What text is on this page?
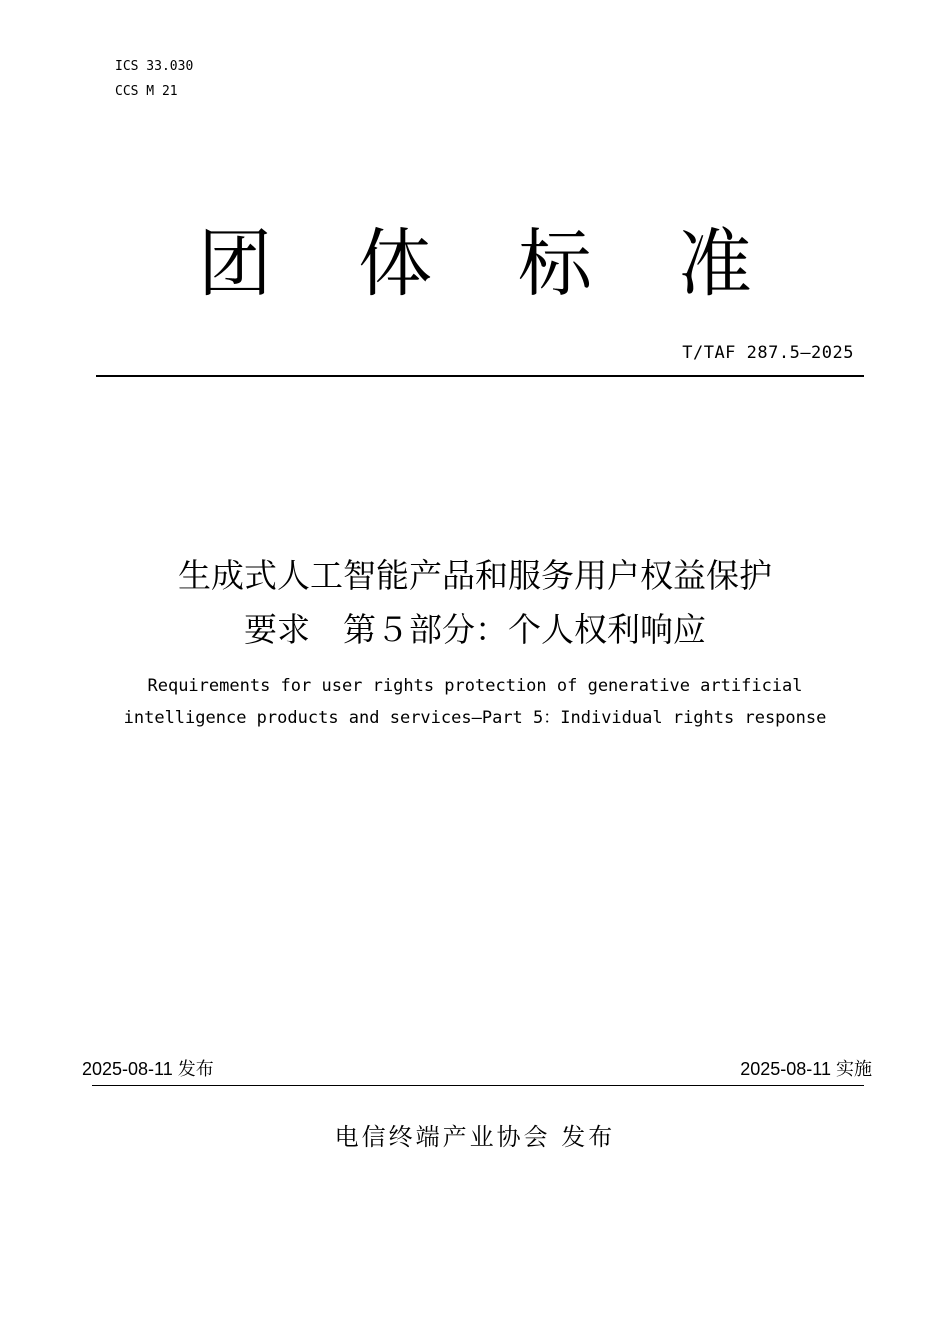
ICS 33.030
CCS M 21
团 体 标 准
T/TAF 287.5—2025
生成式人工智能产品和服务用户权益保护
要求　第５部分：个人权利响应
Requirements for user rights protection of generative artificial
intelligence products and services—Part 5：Individual rights response
2025-08-11 发布	2025-08-11 实施
电信终端产业协会 发布
